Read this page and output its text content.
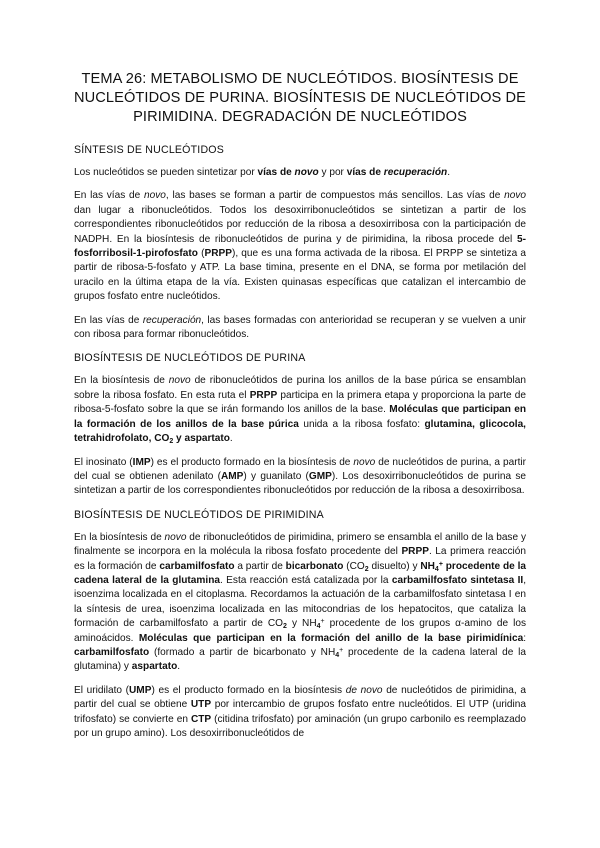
TEMA 26: METABOLISMO DE NUCLEÓTIDOS. BIOSÍNTESIS DE NUCLEÓTIDOS DE PURINA. BIOSÍNTESIS DE NUCLEÓTIDOS DE PIRIMIDINA. DEGRADACIÓN DE NUCLEÓTIDOS
SÍNTESIS DE NUCLEÓTIDOS

Los nucleótidos se pueden sintetizar por vías de novo y por vías de recuperación.

En las vías de novo, las bases se forman a partir de compuestos más sencillos. Las vías de novo dan lugar a ribonucleótidos. Todos los desoxirribonucleótidos se sintetizan a partir de los correspondientes ribonucleótidos por reducción de la ribosa a desoxirribosa con la participación de NADPH. En la biosíntesis de ribonucleótidos de purina y de pirimidina, la ribosa procede del 5-fosforribosil-1-pirofosfato (PRPP), que es una forma activada de la ribosa. El PRPP se sintetiza a partir de ribosa-5-fosfato y ATP. La base timina, presente en el DNA, se forma por metilación del uracilo en la última etapa de la vía. Existen quinasas específicas que catalizan el intercambio de grupos fosfato entre nucleótidos.

En las vías de recuperación, las bases formadas con anterioridad se recuperan y se vuelven a unir con ribosa para formar ribonucleótidos.

BIOSÍNTESIS DE NUCLEÓTIDOS DE PURINA

En la biosíntesis de novo de ribonucleótidos de purina los anillos de la base púrica se ensamblan sobre la ribosa fosfato. En esta ruta el PRPP participa en la primera etapa y proporciona la parte de ribosa-5-fosfato sobre la que se irán formando los anillos de la base. Moléculas que participan en la formación de los anillos de la base púrica unida a la ribosa fosfato: glutamina, glicocola, tetrahidrofolato, CO2 y aspartato.

El inosinato (IMP) es el producto formado en la biosíntesis de novo de nucleótidos de purina, a partir del cual se obtienen adenilato (AMP) y guanilato (GMP). Los desoxirribonucleótidos de purina se sintetizan a partir de los correspondientes ribonucleótidos por reducción de la ribosa a desoxirribosa.

BIOSÍNTESIS DE NUCLEÓTIDOS DE PIRIMIDINA

En la biosíntesis de novo de ribonucleótidos de pirimidina, primero se ensambla el anillo de la base y finalmente se incorpora en la molécula la ribosa fosfato procedente del PRPP. La primera reacción es la formación de carbamilfosfato a partir de bicarbonato (CO2 disuelto) y NH4+ procedente de la cadena lateral de la glutamina. Esta reacción está catalizada por la carbamilfosfato sintetasa II, isoenzima localizada en el citoplasma. Recordamos la actuación de la carbamilfosfato sintetasa I en la síntesis de urea, isoenzima localizada en las mitocondrias de los hepatocitos, que cataliza la formación de carbamilfosfato a partir de CO2 y NH4+ procedente de los grupos α-amino de los aminoácidos. Moléculas que participan en la formación del anillo de la base pirimidínica: carbamilfosfato (formado a partir de bicarbonato y NH4+ procedente de la cadena lateral de la glutamina) y aspartato.

El uridilato (UMP) es el producto formado en la biosíntesis de novo de nucleótidos de pirimidina, a partir del cual se obtiene UTP por intercambio de grupos fosfato entre nucleótidos. El UTP (uridina trifosfato) se convierte en CTP (citidina trifosfato) por aminación (un grupo carbonilo es reemplazado por un grupo amino). Los desoxirribonucleótidos de
